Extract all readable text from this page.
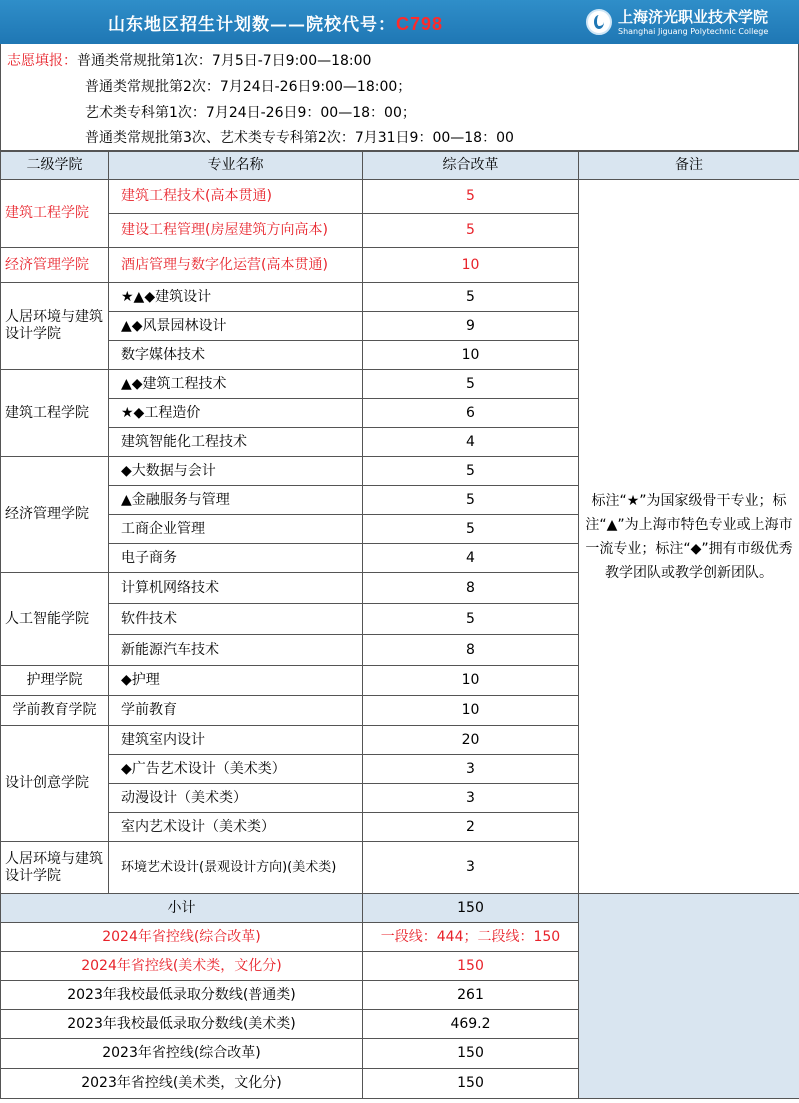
山东地区招生计划数——院校代号：C798	上海济光职业技术学院
Shanghai Jiguang Polytechnic College
志愿填报：普通类常规批第1次：7月5日-7日9:00—18:00
普通类常规批第2次：7月24日-26日9:00—18:00；
艺术类专科第1次：7月24日-26日9：00—18：00；
普通类常规批第3次、艺术类专专科第2次：7月31日9：00—18：00
二级学院	专业名称	综合改革	备注
建筑工程学院	建筑工程技术(高本贯通)	5	标注“★”为国家级骨干专业；标注“▲”为上海市特色专业或上海市一流专业；标注“◆”拥有市级优秀教学团队或教学创新团队。
	建设工程管理(房屋建筑方向高本)	5	
经济管理学院	酒店管理与数字化运营(高本贯通)	10	
人居环境与建筑设计学院	★▲◆建筑设计	5	
	▲◆风景园林设计	9	
	数字媒体技术	10	
建筑工程学院	▲◆建筑工程技术	5	
	★◆工程造价	6	
	建筑智能化工程技术	4	
经济管理学院	◆大数据与会计	5	
	▲金融服务与管理	5	
	工商企业管理	5	
	电子商务	4	
人工智能学院	计算机网络技术	8	
	软件技术	5	
	新能源汽车技术	8	
护理学院	◆护理	10	
学前教育学院	学前教育	10	
设计创意学院	建筑室内设计	20	
	◆广告艺术设计（美术类）	3	
	动漫设计（美术类）	3	
	室内艺术设计（美术类）	2	
人居环境与建筑设计学院	环境艺术设计(景观设计方向)(美术类)	3	
小计		150	
2024年省控线(综合改革)		一段线：444；二段线：150	
2024年省控线(美术类，文化分)		150	
2023年我校最低录取分数线(普通类)		261	
2023年我校最低录取分数线(美术类)		469.2	
2023年省控线(综合改革)		150	
2023年省控线(美术类，文化分)		150	
